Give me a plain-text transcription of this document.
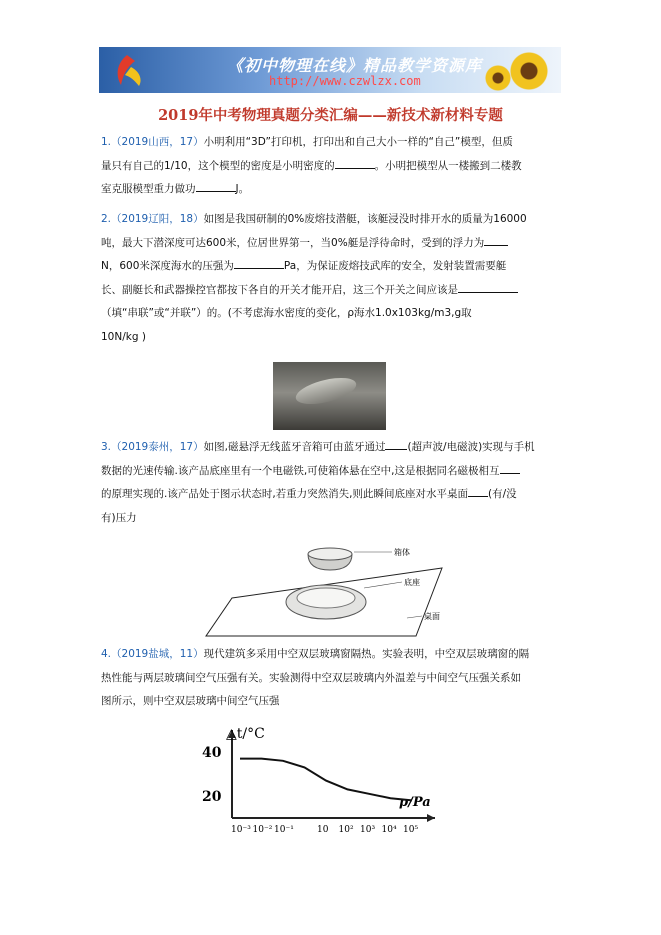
《初中物理在线》精品教学资源库
http://www.czwlzx.com
2019年中考物理真题分类汇编——新技术新材料专题
1.（2019山西，17）小明利用“3D”打印机，打印出和自己大小一样的“自己”模型，但质
量只有自己的1/10，这个模型的密度是小明密度的	。小明把模型从一楼搬到二楼教
室克服模型重力做功	J。
2.（2019辽阳，18）如图是我国研制的0%废熔技潜艇，该艇浸没时排开水的质量为16000
吨，最大下潜深度可达600米，位居世界第一，当0%艇是浮待命时，受到的浮力为
N，600米深度海水的压强为	Pa，为保证废熔技武库的安全，发射装置需要艇
长、副艇长和武器操控官都按下各自的开关才能开启，这三个开关之间应该是
（填“串联”或“并联”）的。(不考虑海水密度的变化，ρ海水1.0x103kg/m3,g取
10N/kg )
3.（2019泰州，17）如图,磁悬浮无线蓝牙音箱可由蓝牙通过 (超声波/电磁波)实现与手机
数据的光速传输.该产品底座里有一个电磁铁,可使箱体悬在空中,这是根据同名磁极相互
的原理实现的.该产品处于图示状态时,若重力突然消失,则此瞬间底座对水平桌面 (有/没
有)压力
箱体
底座
桌面
4.（2019盐城，11）现代建筑多采用中空双层玻璃窗隔热。实验表明，中空双层玻璃窗的隔
热性能与两层玻璃间空气压强有关。实验测得中空双层玻璃内外温差与中间空气压强关系如
图所示，则中空双层玻璃中间空气压强
△t/°C
p/Pa
40
20
10⁻³ 10⁻² 10⁻¹	10 10² 10³ 10⁴ 10⁵
